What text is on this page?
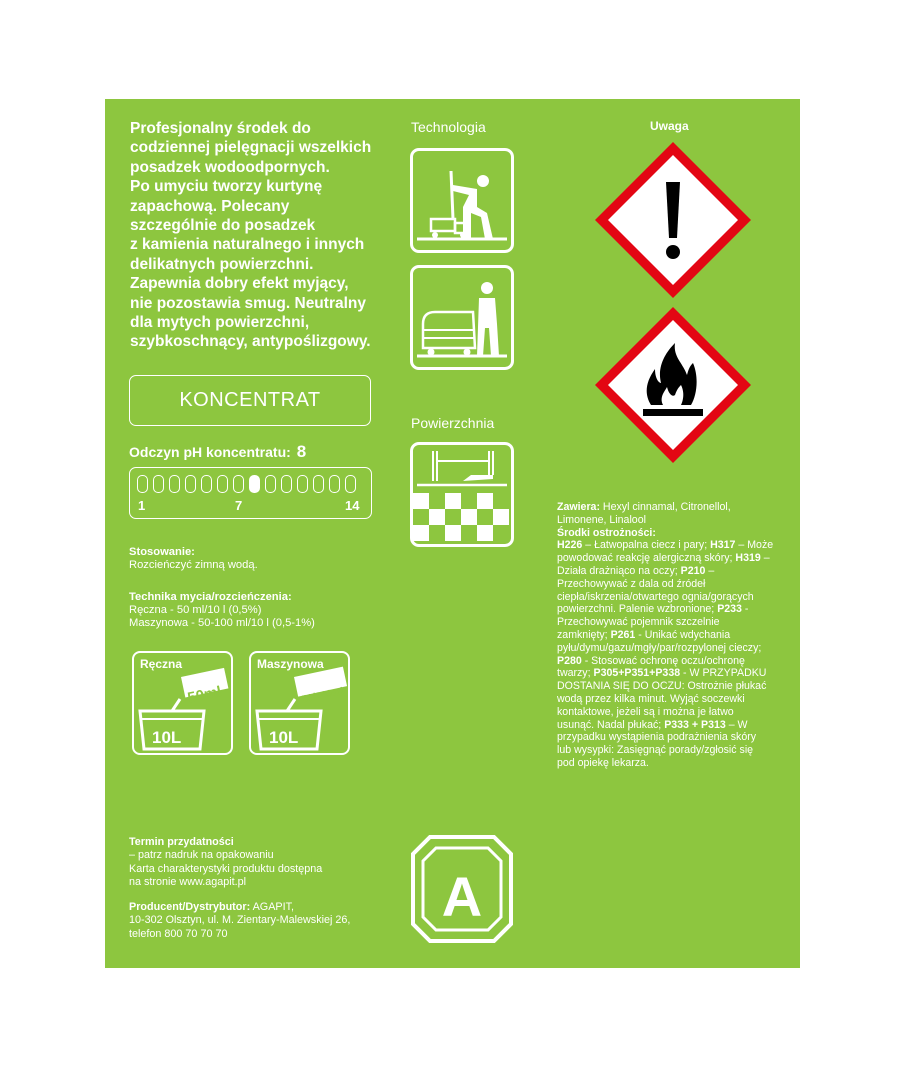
Profesjonalny środek do
codziennej pielęgnacji wszelkich
posadzek wodoodpornych.
Po umyciu tworzy kurtynę
zapachową. Polecany
szczególnie do posadzek
z kamienia naturalnego i innych
delikatnych powierzchni.
Zapewnia dobry efekt myjący,
nie pozostawia smug. Neutralny
dla mytych powierzchni,
szybkoschnący, antypoślizgowy.
KONCENTRAT
Odczyn pH koncentratu: 8
1	7	14
Stosowanie:
Rozcieńczyć zimną wodą.
Technika mycia/rozcieńczenia:
Ręczna - 50 ml/10 l (0,5%)
Maszynowa - 50-100 ml/10 l (0,5-1%)
Ręczna
50ml
10L
Maszynowa
50/100ml
10L
Termin przydatności
– patrz nadruk na opakowaniu
Karta charakterystyki produktu dostępna
na stronie www.agapit.pl
Producent/Dystrybutor: AGAPIT,
10-302 Olsztyn, ul. M. Zientary-Malewskiej 26,
telefon 800 70 70 70
Technologia
Powierzchnia
A
Uwaga
Zawiera: Hexyl cinnamal, Citronellol,
Limonene, Linalool
Środki ostrożności:
H226 – Łatwopalna ciecz i pary; H317 – Może
powodować reakcję alergiczną skóry; H319 –
Działa drażniąco na oczy; P210 –
Przechowywać z dala od źródeł
ciepła/iskrzenia/otwartego ognia/gorących
powierzchni. Palenie wzbronione; P233 -
Przechowywać pojemnik szczelnie
zamknięty; P261 - Unikać wdychania
pyłu/dymu/gazu/mgły/par/rozpylonej cieczy;
P280 - Stosować ochronę oczu/ochronę
twarzy; P305+P351+P338 - W PRZYPADKU
DOSTANIA SIĘ DO OCZU: Ostrożnie płukać
wodą przez kilka minut. Wyjąć soczewki
kontaktowe, jeżeli są i można je łatwo
usunąć. Nadal płukać; P333 + P313 – W
przypadku wystąpienia podrażnienia skóry
lub wysypki: Zasięgnąć porady/zgłosić się
pod opiekę lekarza.
